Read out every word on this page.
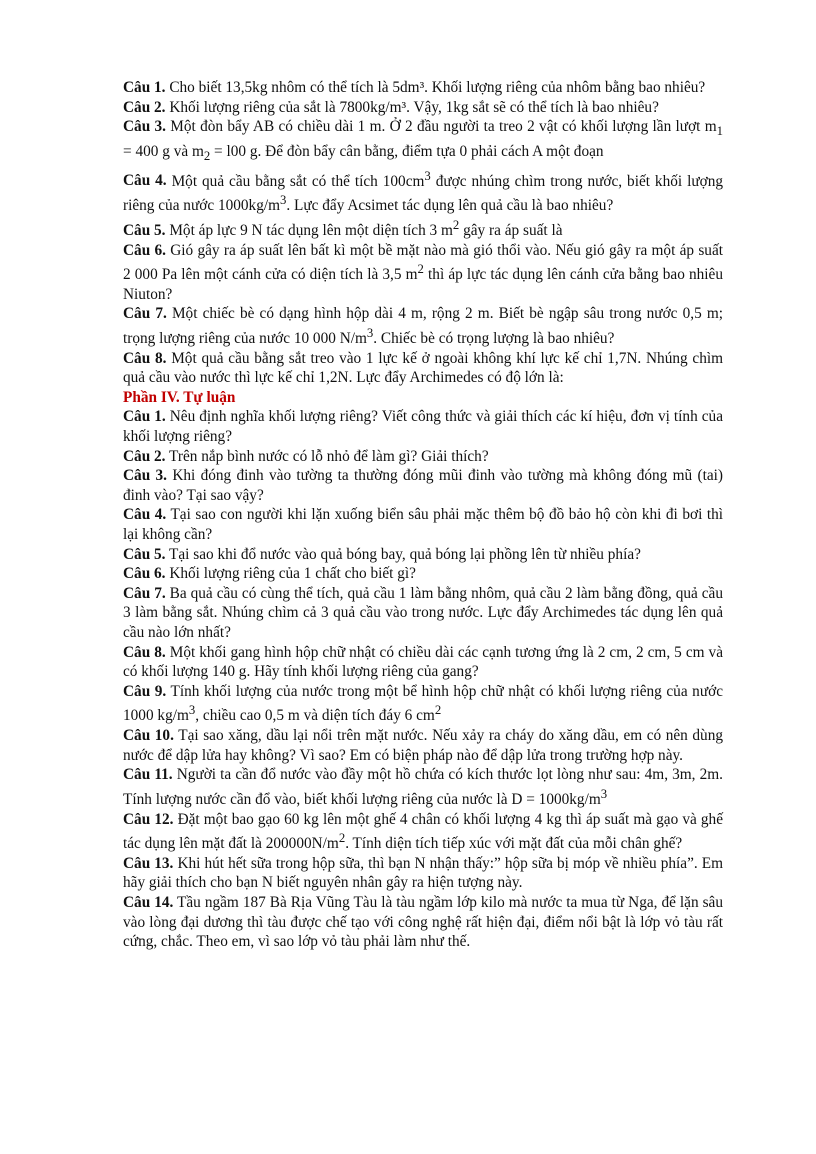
Câu 1. Cho biết 13,5kg nhôm có thể tích là 5dm³. Khối lượng riêng của nhôm bằng bao nhiêu?

Câu 2. Khối lượng riêng của sắt là 7800kg/m³. Vậy, 1kg sắt sẽ có thể tích là bao nhiêu?

Câu 3. Một đòn bẩy AB có chiều dài 1 m. Ở 2 đầu người ta treo 2 vật có khối lượng lần lượt $m_1 = 400$ g và $m_2 = l00$ g. Để đòn bẩy cân bằng, điểm tựa 0 phải cách A một đoạn

Câu 4. Một quả cầu bằng sắt có thể tích $100cm^3$ được nhúng chìm trong nước, biết khối lượng riêng của nước $1000kg/m^3$. Lực đẩy Acsimet tác dụng lên quả cầu là bao nhiêu?

Câu 5. Một áp lực 9 N tác dụng lên một diện tích 3 $m^2$ gây ra áp suất là

Câu 6. Gió gây ra áp suất lên bất kì một bề mặt nào mà gió thổi vào. Nếu gió gây ra một áp suất 2 000 Pa lên một cánh cửa có diện tích là 3,5 $m^2$ thì áp lực tác dụng lên cánh cửa bằng bao nhiêu Niuton?

Câu 7. Một chiếc bè có dạng hình hộp dài 4 m, rộng 2 m. Biết bè ngập sâu trong nước 0,5 m; trọng lượng riêng của nước 10 000 $N/m^3$. Chiếc bè có trọng lượng là bao nhiêu?

Câu 8. Một quả cầu bằng sắt treo vào 1 lực kế ở ngoài không khí lực kế chỉ 1,7N. Nhúng chìm quả cầu vào nước thì lực kế chỉ 1,2N. Lực đẩy Archimedes có độ lớn là:

Phần IV. Tự luận

Câu 1. Nêu định nghĩa khối lượng riêng? Viết công thức và giải thích các kí hiệu, đơn vị tính của khối lượng riêng?

Câu 2. Trên nắp bình nước có lỗ nhỏ để làm gì? Giải thích?

Câu 3. Khi đóng đinh vào tường ta thường đóng mũi đinh vào tường mà không đóng mũ (tai) đinh vào? Tại sao vậy?

Câu 4. Tại sao con người khi lặn xuống biển sâu phải mặc thêm bộ đồ bảo hộ còn khi đi bơi thì lại không cần?

Câu 5. Tại sao khi đổ nước vào quả bóng bay, quả bóng lại phồng lên từ nhiều phía?

Câu 6. Khối lượng riêng của 1 chất cho biết gì?

Câu 7. Ba quả cầu có cùng thể tích, quả cầu 1 làm bằng nhôm, quả cầu 2 làm bằng đồng, quả cầu 3 làm bằng sắt. Nhúng chìm cả 3 quả cầu vào trong nước. Lực đẩy Archimedes tác dụng lên quả cầu nào lớn nhất?

Câu 8. Một khối gang hình hộp chữ nhật có chiều dài các cạnh tương ứng là 2 cm, 2 cm, 5 cm và có khối lượng 140 g. Hãy tính khối lượng riêng của gang?

Câu 9. Tính khối lượng của nước trong một bể hình hộp chữ nhật có khối lượng riêng của nước 1000 $kg/m^3$, chiều cao 0,5 m và diện tích đáy 6 $cm^2$

Câu 10. Tại sao xăng, dầu lại nổi trên mặt nước. Nếu xảy ra cháy do xăng dầu, em có nên dùng nước để dập lửa hay không? Vì sao? Em có biện pháp nào để dập lửa trong trường hợp này.

Câu 11. Người ta cần đổ nước vào đầy một hồ chứa có kích thước lọt lòng như sau: 4m, 3m, 2m. Tính lượng nước cần đổ vào, biết khối lượng riêng của nước là $D = 1000kg/m^3$

Câu 12. Đặt một bao gạo 60 kg lên một ghế 4 chân có khối lượng 4 kg thì áp suất mà gạo và ghế tác dụng lên mặt đất là $200000N/m^2$. Tính diện tích tiếp xúc với mặt đất của mỗi chân ghế?

Câu 13. Khi hút hết sữa trong hộp sữa, thì bạn N nhận thấy:” hộp sữa bị móp về nhiều phía”. Em hãy giải thích cho bạn N biết nguyên nhân gây ra hiện tượng này.

Câu 14. Tầu ngầm 187 Bà Rịa Vũng Tàu là tàu ngầm lớp kilo mà nước ta mua từ Nga, để lặn sâu vào lòng đại dương thì tàu được chế tạo với công nghệ rất hiện đại, điểm nổi bật là lớp vỏ tàu rất cứng, chắc. Theo em, vì sao lớp vỏ tàu phải làm như thế.
